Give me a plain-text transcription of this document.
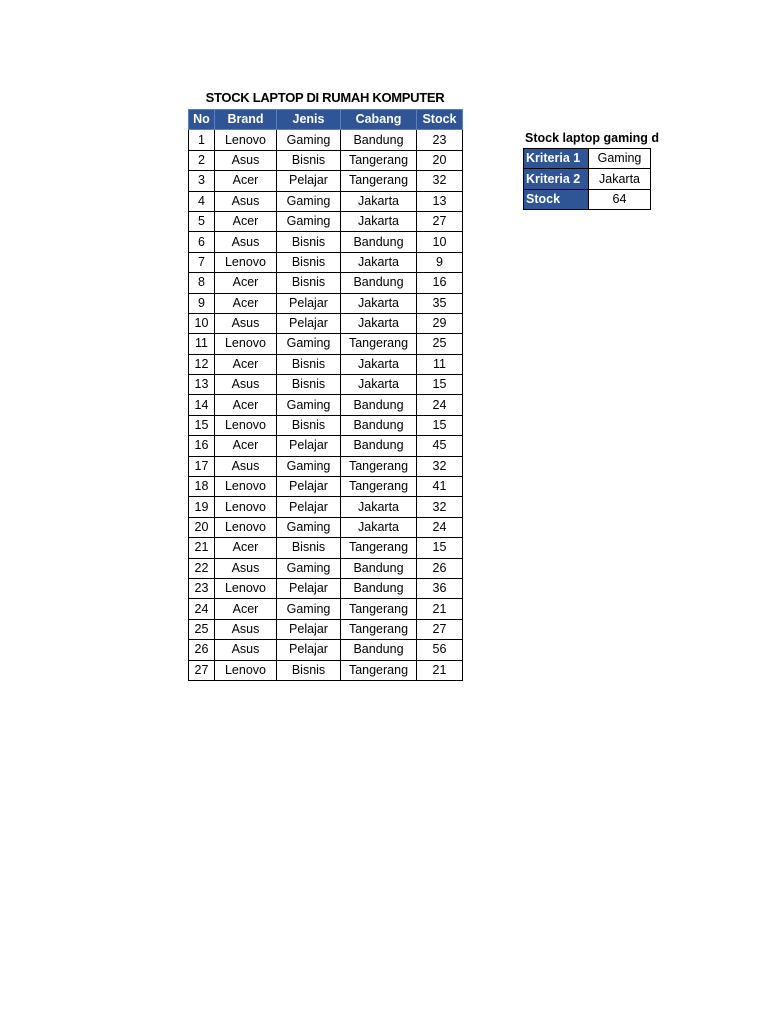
STOCK LAPTOP DI RUMAH KOMPUTER
No	Brand	Jenis	Cabang	Stock
1	Lenovo	Gaming	Bandung	23
2	Asus	Bisnis	Tangerang	20
3	Acer	Pelajar	Tangerang	32
4	Asus	Gaming	Jakarta	13
5	Acer	Gaming	Jakarta	27
6	Asus	Bisnis	Bandung	10
7	Lenovo	Bisnis	Jakarta	9
8	Acer	Bisnis	Bandung	16
9	Acer	Pelajar	Jakarta	35
10	Asus	Pelajar	Jakarta	29
11	Lenovo	Gaming	Tangerang	25
12	Acer	Bisnis	Jakarta	11
13	Asus	Bisnis	Jakarta	15
14	Acer	Gaming	Bandung	24
15	Lenovo	Bisnis	Bandung	15
16	Acer	Pelajar	Bandung	45
17	Asus	Gaming	Tangerang	32
18	Lenovo	Pelajar	Tangerang	41
19	Lenovo	Pelajar	Jakarta	32
20	Lenovo	Gaming	Jakarta	24
21	Acer	Bisnis	Tangerang	15
22	Asus	Gaming	Bandung	26
23	Lenovo	Pelajar	Bandung	36
24	Acer	Gaming	Tangerang	21
25	Asus	Pelajar	Tangerang	27
26	Asus	Pelajar	Bandung	56
27	Lenovo	Bisnis	Tangerang	21
Stock laptop gaming d
Kriteria 1	Gaming
Kriteria 2	Jakarta
Stock	64
